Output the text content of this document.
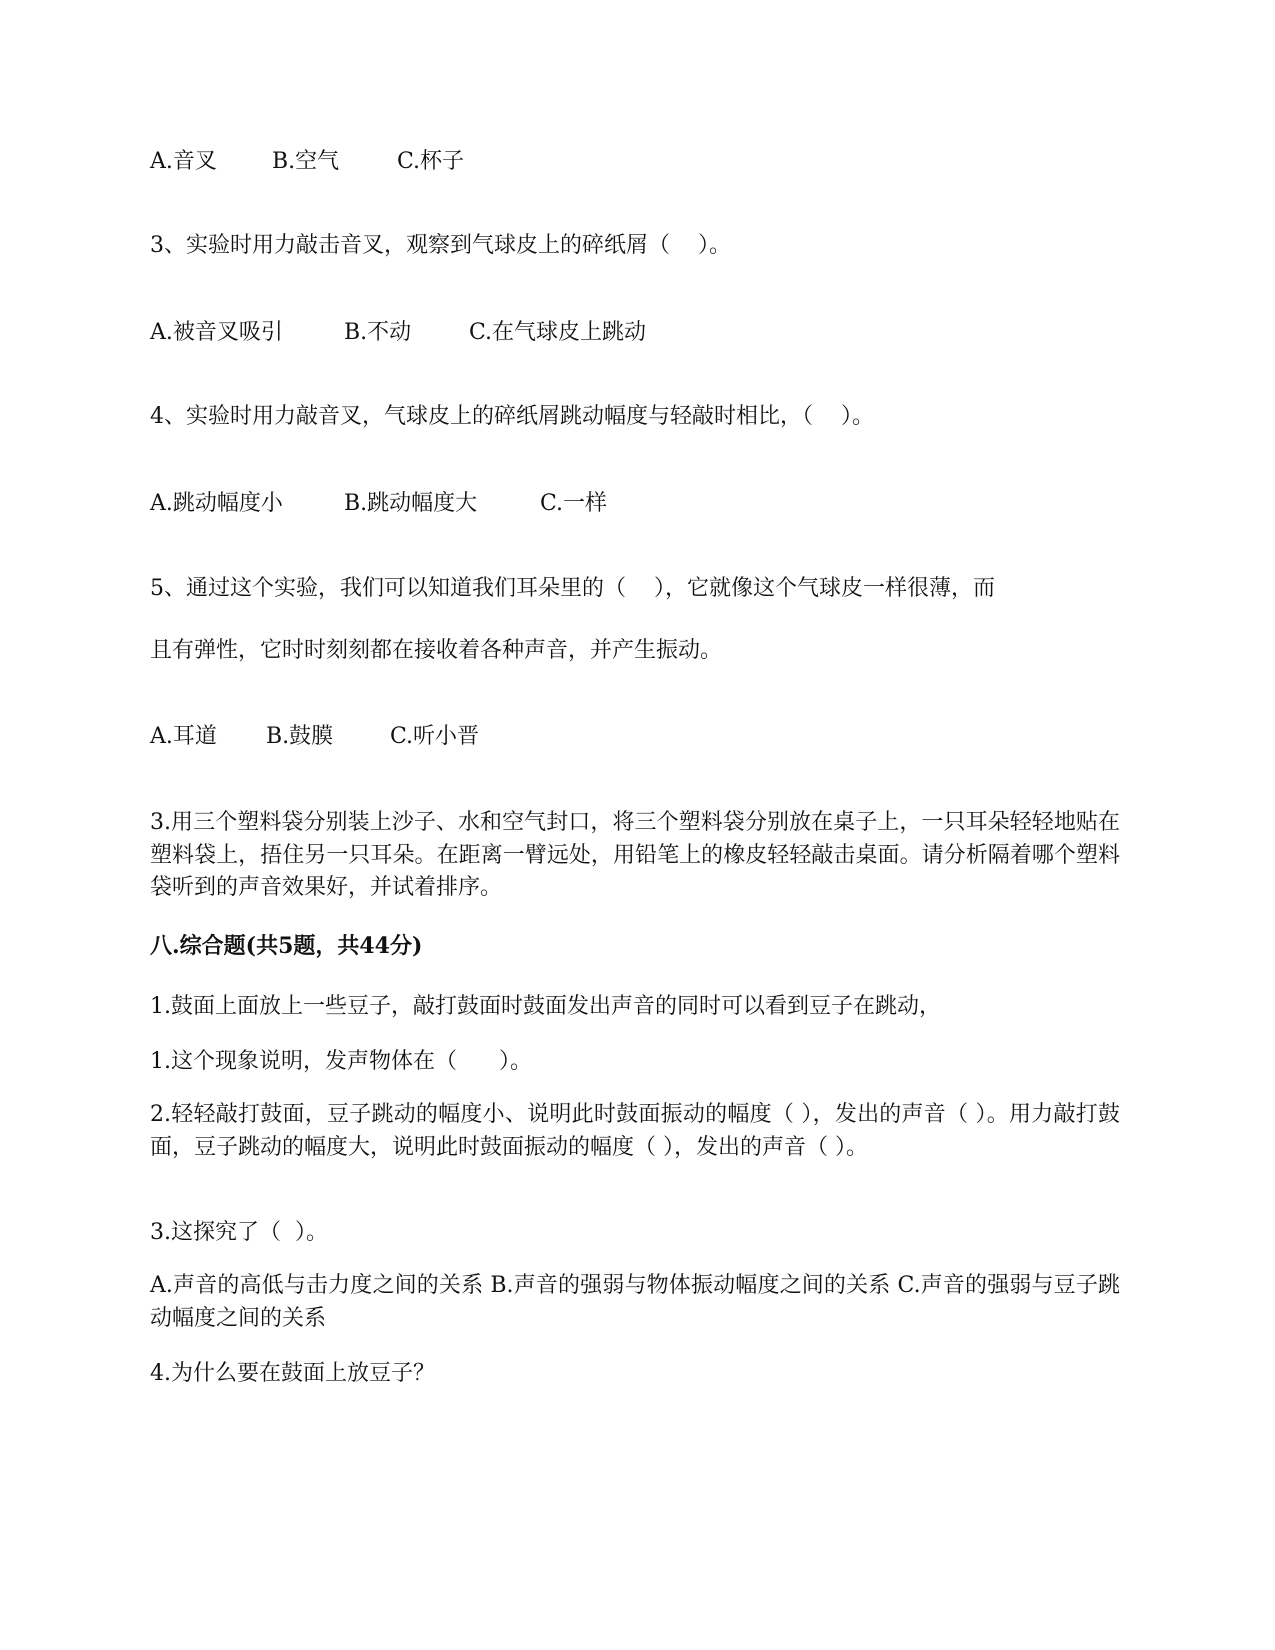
A.音叉	B.空气	C.杯子

3、实验时用力敲击音叉，观察到气球皮上的碎纸屑（    ）。

A.被音叉吸引	B.不动	C.在气球皮上跳动

4、实验时用力敲音叉，气球皮上的碎纸屑跳动幅度与轻敲时相比，（    ）。

A.跳动幅度小	B.跳动幅度大	C.一样

5、通过这个实验，我们可以知道我们耳朵里的（    ），它就像这个气球皮一样很薄，而

且有弹性，它时时刻刻都在接收着各种声音，并产生振动。

A.耳道 B.鼓膜	C.听小晋

3.用三个塑料袋分别装上沙子、水和空气封口，将三个塑料袋分别放在桌子上，一只耳朵轻轻地贴在塑料袋上，捂住另一只耳朵。在距离一臂远处，用铅笔上的橡皮轻轻敲击桌面。请分析隔着哪个塑料袋听到的声音效果好，并试着排序。

八.综合题(共5题，共44分)

1.鼓面上面放上一些豆子，敲打鼓面时鼓面发出声音的同时可以看到豆子在跳动，

1.这个现象说明，发声物体在（      ）。

2.轻轻敲打鼓面，豆子跳动的幅度小、说明此时鼓面振动的幅度（ ），发出的声音（ ）。用力敲打鼓面，豆子跳动的幅度大，说明此时鼓面振动的幅度（ ），发出的声音（ ）。

3.这探究了（  ）。

A.声音的高低与击力度之间的关系 B.声音的强弱与物体振动幅度之间的关系 C.声音的强弱与豆子跳动幅度之间的关系

4.为什么要在鼓面上放豆子？
